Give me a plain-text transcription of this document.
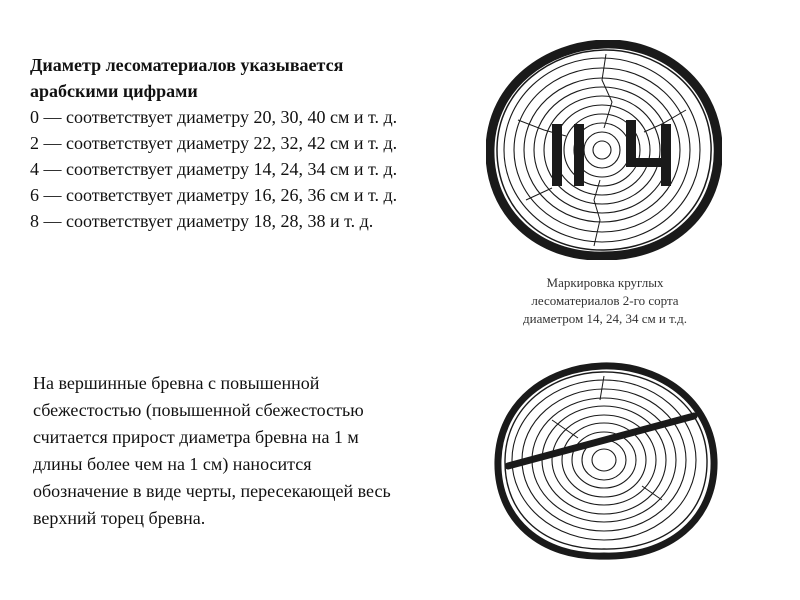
Диаметр лесоматериалов указывается

арабскими цифрами

0 — соответствует диаметру 20, 30, 40 см и т. д.

2 — соответствует диаметру 22, 32, 42 см и т. д.

4 — соответствует диаметру 14, 24, 34 см и т. д.

6 — соответствует диаметру 16, 26, 36 см и т. д.

8 — соответствует диаметру 18, 28, 38 и т. д.

Маркировка круглых
лесоматериалов 2-го сорта
диаметром 14, 24, 34 см и т.д.
На вершинные бревна с повышенной
сбежестостью (повышенной сбежестостью
считается прирост диаметра бревна на 1 м
длины более чем на 1 см) наносится
обозначение в виде черты, пересекающей весь
верхний торец бревна.
